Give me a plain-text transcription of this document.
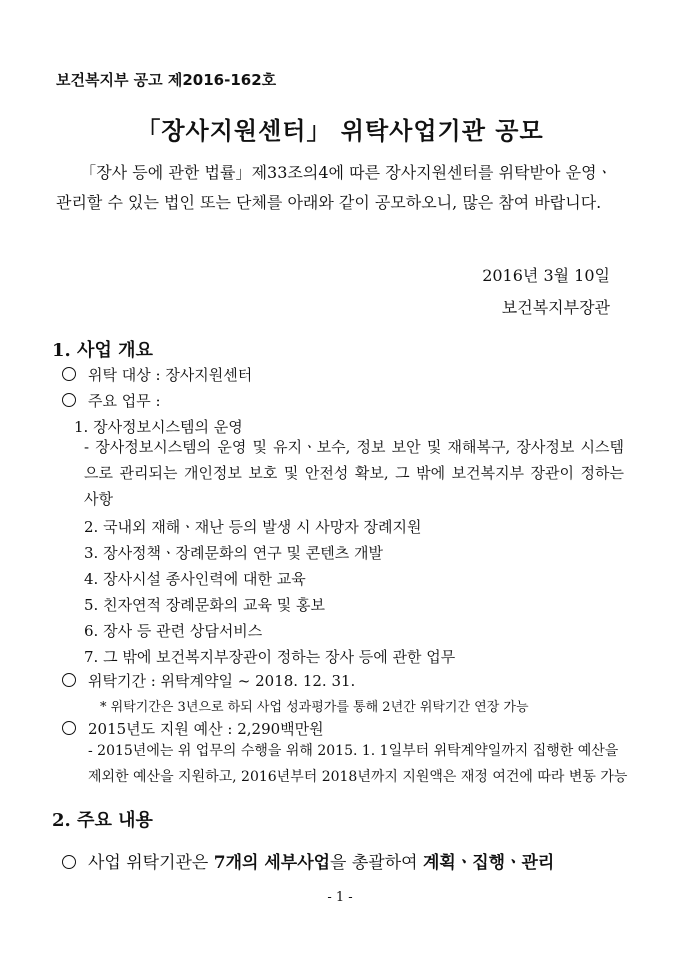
보건복지부 공고 제2016-162호
「장사지원센터」 위탁사업기관 공모
「장사 등에 관한 법률」제33조의4에 따른 장사지원센터를 위탁받아 운영ㆍ관리할 수 있는 법인 또는 단체를 아래와 같이 공모하오니, 많은 참여 바랍니다.
2016년 3월 10일
보건복지부장관
1. 사업 개요
위탁 대상 : 장사지원센터
주요 업무 :
1. 장사정보시스템의 운영
- 장사정보시스템의 운영 및 유지ㆍ보수, 정보 보안 및 재해복구, 장사정보 시스템으로 관리되는 개인정보 보호 및 안전성 확보, 그 밖에 보건복지부 장관이 정하는 사항
2. 국내외 재해ㆍ재난 등의 발생 시 사망자 장례지원
3. 장사정책ㆍ장례문화의 연구 및 콘텐츠 개발
4. 장사시설 종사인력에 대한 교육
5. 친자연적 장례문화의 교육 및 홍보
6. 장사 등 관련 상담서비스
7. 그 밖에 보건복지부장관이 정하는 장사 등에 관한 업무
위탁기간 : 위탁계약일 ~ 2018. 12. 31.
* 위탁기간은 3년으로 하되 사업 성과평가를 통해 2년간 위탁기간 연장 가능
2015년도 지원 예산 : 2,290백만원
- 2015년에는 위 업무의 수행을 위해 2015. 1. 1일부터 위탁계약일까지 집행한 예산을 제외한 예산을 지원하고, 2016년부터 2018년까지 지원액은 재정 여건에 따라 변동 가능
2. 주요 내용
사업 위탁기관은 7개의 세부사업을 총괄하여 계획ㆍ집행ㆍ관리
- 1 -
